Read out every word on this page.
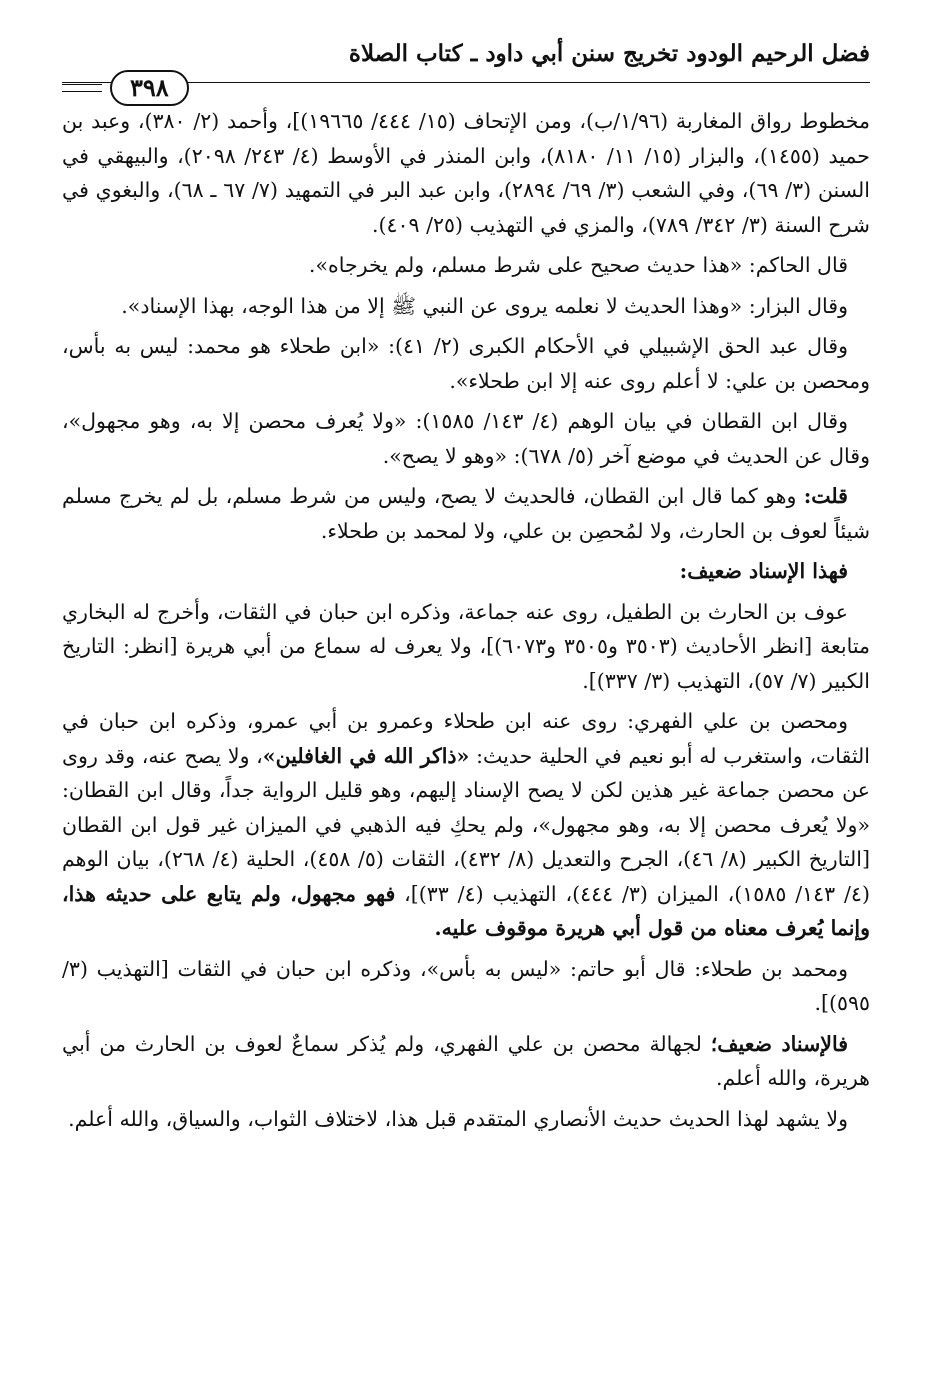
فضل الرحيم الودود تخريج سنن أبي داود ـ كتاب الصلاة
٣٩٨

مخطوط رواق المغاربة (١/٩٦/ب)، ومن الإتحاف (١٥/ ٤٤٤/ ١٩٦٦٥)]، وأحمد (٢/ ٣٨٠)، وعبد بن حميد (١٤٥٥)، والبزار (١٥/ ١١/ ٨١٨٠)، وابن المنذر في الأوسط (٤/ ٢٤٣/ ٢٠٩٨)، والبيهقي في السنن (٣/ ٦٩)، وفي الشعب (٣/ ٦٩/ ٢٨٩٤)، وابن عبد البر في التمهيد (٧/ ٦٧ ـ ٦٨)، والبغوي في شرح السنة (٣/ ٣٤٢/ ٧٨٩)، والمزي في التهذيب (٢٥/ ٤٠٩).

قال الحاكم: «هذا حديث صحيح على شرط مسلم، ولم يخرجاه».

وقال البزار: «وهذا الحديث لا نعلمه يروى عن النبي ﷺ إلا من هذا الوجه، بهذا الإسناد».

وقال عبد الحق الإشبيلي في الأحكام الكبرى (٢/ ٤١): «ابن طحلاء هو محمد: ليس به بأس، ومحصن بن علي: لا أعلم روى عنه إلا ابن طحلاء».

وقال ابن القطان في بيان الوهم (٤/ ١٤٣/ ١٥٨٥): «ولا يُعرف محصن إلا به، وهو مجهول»، وقال عن الحديث في موضع آخر (٥/ ٦٧٨): «وهو لا يصح».

قلت: وهو كما قال ابن القطان، فالحديث لا يصح، وليس من شرط مسلم، بل لم يخرج مسلم شيئاً لعوف بن الحارث، ولا لمُحصِن بن علي، ولا لمحمد بن طحلاء.

فهذا الإسناد ضعيف:

عوف بن الحارث بن الطفيل، روى عنه جماعة، وذكره ابن حبان في الثقات، وأخرج له البخاري متابعة [انظر الأحاديث (٣٥٠٣ و٣٥٠٥ و٦٠٧٣)]، ولا يعرف له سماع من أبي هريرة [انظر: التاريخ الكبير (٧/ ٥٧)، التهذيب (٣/ ٣٣٧)].

ومحصن بن علي الفهري: روى عنه ابن طحلاء وعمرو بن أبي عمرو، وذكره ابن حبان في الثقات، واستغرب له أبو نعيم في الحلية حديث: «ذاكر الله في الغافلين»، ولا يصح عنه، وقد روى عن محصن جماعة غير هذين لكن لا يصح الإسناد إليهم، وهو قليل الرواية جداً، وقال ابن القطان: «ولا يُعرف محصن إلا به، وهو مجهول»، ولم يحكِ فيه الذهبي في الميزان غير قول ابن القطان [التاريخ الكبير (٨/ ٤٦)، الجرح والتعديل (٨/ ٤٣٢)، الثقات (٥/ ٤٥٨)، الحلية (٤/ ٢٦٨)، بيان الوهم (٤/ ١٤٣/ ١٥٨٥)، الميزان (٣/ ٤٤٤)، التهذيب (٤/ ٣٣)]، فهو مجهول، ولم يتابع على حديثه هذا، وإنما يُعرف معناه من قول أبي هريرة موقوف عليه.

ومحمد بن طحلاء: قال أبو حاتم: «ليس به بأس»، وذكره ابن حبان في الثقات [التهذيب (٣/ ٥٩٥)].

فالإسناد ضعيف؛ لجهالة محصن بن علي الفهري، ولم يُذكر سماعٌ لعوف بن الحارث من أبي هريرة، والله أعلم.

ولا يشهد لهذا الحديث حديث الأنصاري المتقدم قبل هذا، لاختلاف الثواب، والسياق، والله أعلم.
